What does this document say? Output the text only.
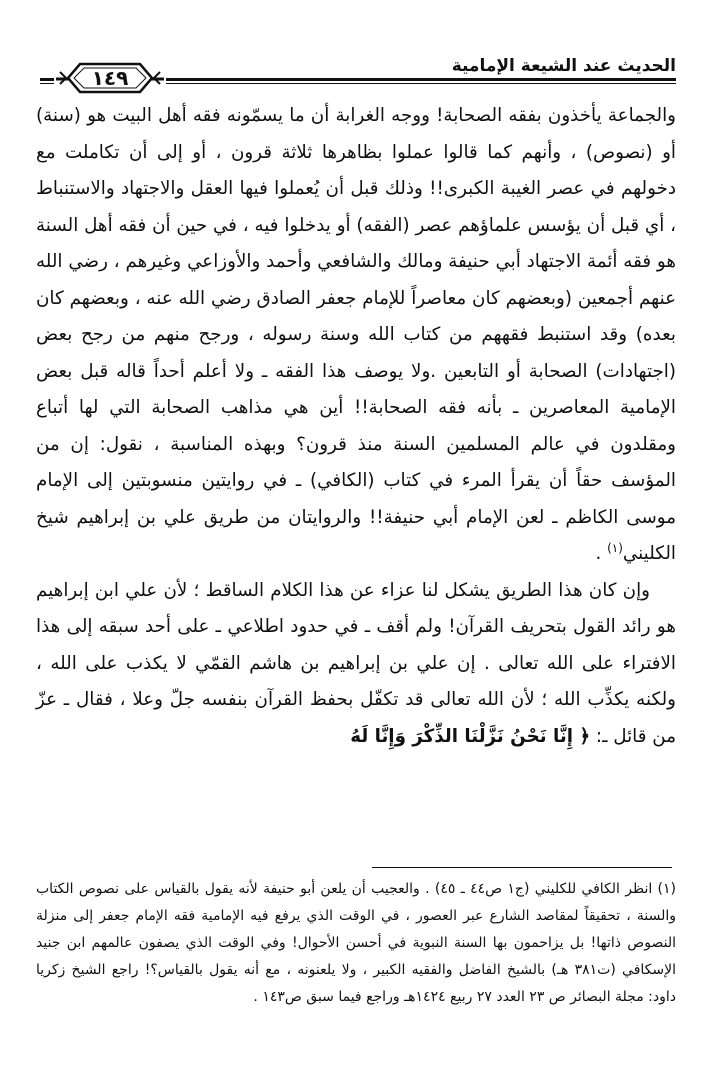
١٤٩	الحديث عند الشيعة الإمامية

والجماعة يأخذون بفقه الصحابة! ووجه الغرابة أن ما يسمّونه فقه أهل البيت هو (سنة) أو (نصوص) ، وأنهم كما قالوا عملوا بظاهرها ثلاثة قرون ، أو إلى أن تكاملت مع دخولهم في عصر الغيبة الكبرى!! وذلك قبل أن يُعملوا فيها العقل والاجتهاد والاستنباط ، أي قبل أن يؤسس علماؤهم عصر (الفقه) أو يدخلوا فيه ، في حين أن فقه أهل السنة هو فقه أئمة الاجتهاد أبي حنيفة ومالك والشافعي وأحمد والأوزاعي وغيرهم ، رضي الله عنهم أجمعين (وبعضهم كان معاصراً للإمام جعفر الصادق رضي الله عنه ، وبعضهم كان بعده) وقد استنبط فقههم من كتاب الله وسنة رسوله ، ورجح منهم من رجح بعض (اجتهادات) الصحابة أو التابعين .ولا يوصف هذا الفقه ـ ولا أعلم أحداً قاله قبل بعض الإمامية المعاصرين ـ بأنه فقه الصحابة!! أين هي مذاهب الصحابة التي لها أتباع ومقلدون في عالم المسلمين السنة منذ قرون؟ وبهذه المناسبة ، نقول: إن من المؤسف حقاً أن يقرأ المرء في كتاب (الكافي) ـ في روايتين منسوبتين إلى الإمام موسى الكاظم ـ لعن الإمام أبي حنيفة!! والروايتان من طريق علي بن إبراهيم شيخ الكليني$^{(١)}$ .

وإن كان هذا الطريق يشكل لنا عزاء عن هذا الكلام الساقط ؛ لأن علي ابن إبراهيم هو رائد القول بتحريف القرآن! ولم أقف ـ في حدود اطلاعي ـ على أحد سبقه إلى هذا الافتراء على الله تعالى . إن علي بن إبراهيم بن هاشم القمّي لا يكذب على الله ، ولكنه يكذِّب الله ؛ لأن الله تعالى قد تكفّل بحفظ القرآن بنفسه جلّ وعلا ، فقال ـ عزّ من قائل ـ: ﴿ إِنَّا نَحْنُ نَزَّلْنَا الذِّكْرَ وَإِنَّا لَهُ

(١) انظر الكافي للكليني (ج١ ص٤٤ ـ ٤٥) . والعجيب أن يلعن أبو حنيفة لأنه يقول بالقياس على نصوص الكتاب والسنة ، تحقيقاً لمقاصد الشارع عبر العصور ، في الوقت الذي يرفع فيه الإمامية فقه الإمام جعفر إلى منزلة النصوص ذاتها! بل يزاحمون بها السنة النبوية في أحسن الأحوال! وفي الوقت الذي يصفون عالمهم ابن جنيد الإسكافي (ت٣٨١ هـ) بالشيخ الفاضل والفقيه الكبير ، ولا يلعنونه ، مع أنه يقول بالقياس؟! راجع الشيخ زكريا داود: مجلة البصائر ص ٢٣ العدد ٢٧ ربيع ١٤٢٤هـ وراجع فيما سبق ص١٤٣ .
